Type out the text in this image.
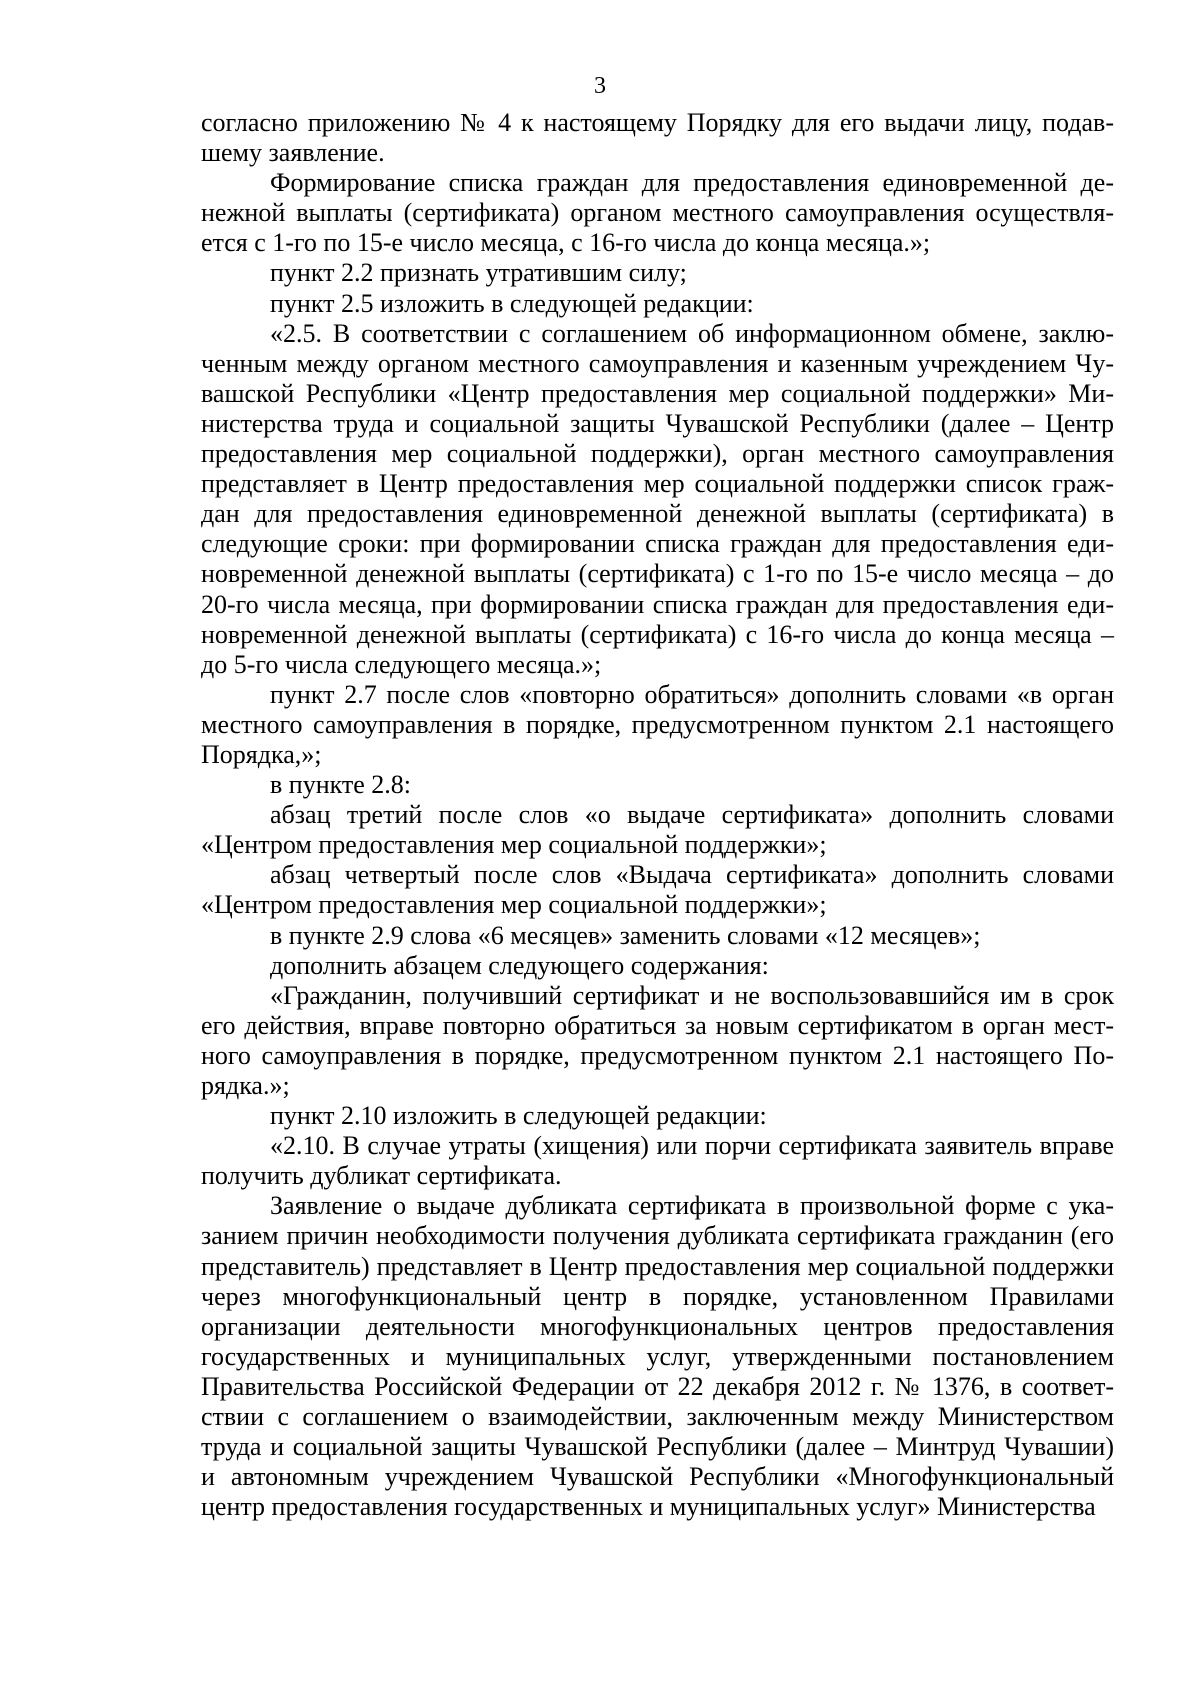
3

согласно приложению № 4 к настоящему Порядку для его выдачи лицу, подавшему заявление.

Формирование списка граждан для предоставления единовременной денежной выплаты (сертификата) органом местного самоуправления осуществляется с 1-го по 15-е число месяца, с 16-го числа до конца месяца.»;

пункт 2.2 признать утратившим силу;

пункт 2.5 изложить в следующей редакции:

«2.5. В соответствии с соглашением об информационном обмене, заключенным между органом местного самоуправления и казенным учреждением Чувашской Республики «Центр предоставления мер социальной поддержки» Министерства труда и социальной защиты Чувашской Республики (далее – Центр предоставления мер социальной поддержки), орган местного самоуправления представляет в Центр предоставления мер социальной поддержки список граждан для предоставления единовременной денежной выплаты (сертификата) в следующие сроки: при формировании списка граждан для предоставления единовременной денежной выплаты (сертификата) с 1-го по 15-е число месяца – до 20-го числа месяца, при формировании списка граждан для предоставления единовременной денежной выплаты (сертификата) с 16-го числа до конца месяца – до 5-го числа следующего месяца.»;

пункт 2.7 после слов «повторно обратиться» дополнить словами «в орган местного самоуправления в порядке, предусмотренном пунктом 2.1 настоящего Порядка,»;

в пункте 2.8:

абзац третий после слов «о выдаче сертификата» дополнить словами «Центром предоставления мер социальной поддержки»;

абзац четвертый после слов «Выдача сертификата» дополнить словами «Центром предоставления мер социальной поддержки»;

в пункте 2.9 слова «6 месяцев» заменить словами «12 месяцев»;

дополнить абзацем следующего содержания:

«Гражданин, получивший сертификат и не воспользовавшийся им в срок его действия, вправе повторно обратиться за новым сертификатом в орган местного самоуправления в порядке, предусмотренном пунктом 2.1 настоящего Порядка.»;

пункт 2.10 изложить в следующей редакции:

«2.10. В случае утраты (хищения) или порчи сертификата заявитель вправе получить дубликат сертификата.

Заявление о выдаче дубликата сертификата в произвольной форме с указанием причин необходимости получения дубликата сертификата гражданин (его представитель) представляет в Центр предоставления мер социальной поддержки через многофункциональный центр в порядке, установленном Правилами организации деятельности многофункциональных центров предоставления государственных и муниципальных услуг, утвержденными постановлением Правительства Российской Федерации от 22 декабря 2012 г. № 1376, в соответствии с соглашением о взаимодействии, заключенным между Министерством труда и социальной защиты Чувашской Республики (далее – Минтруд Чувашии) и автономным учреждением Чувашской Республики «Многофункциональный центр предоставления государственных и муниципальных услуг» Министерства
